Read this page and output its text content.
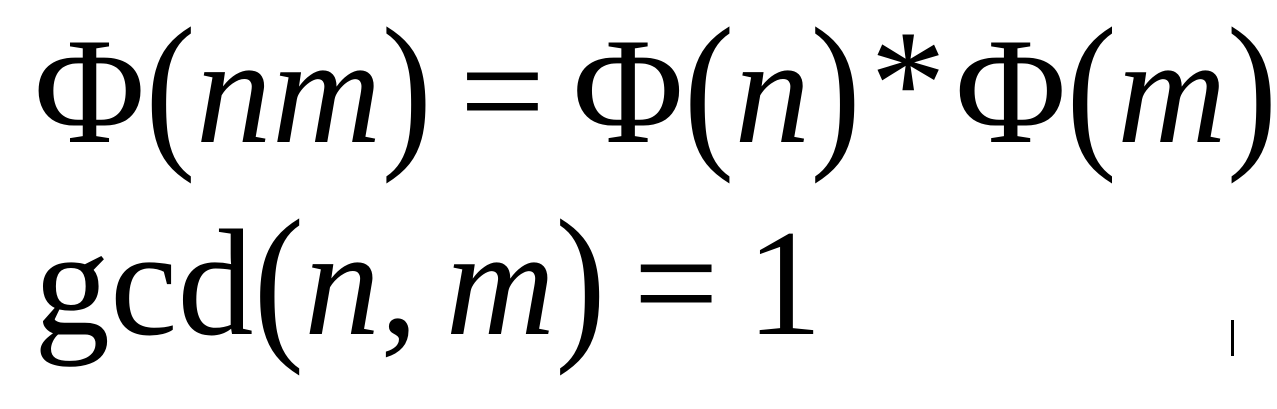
Φ(nm) = Φ(n)*Φ(m)
gcd(n, m) = 1
